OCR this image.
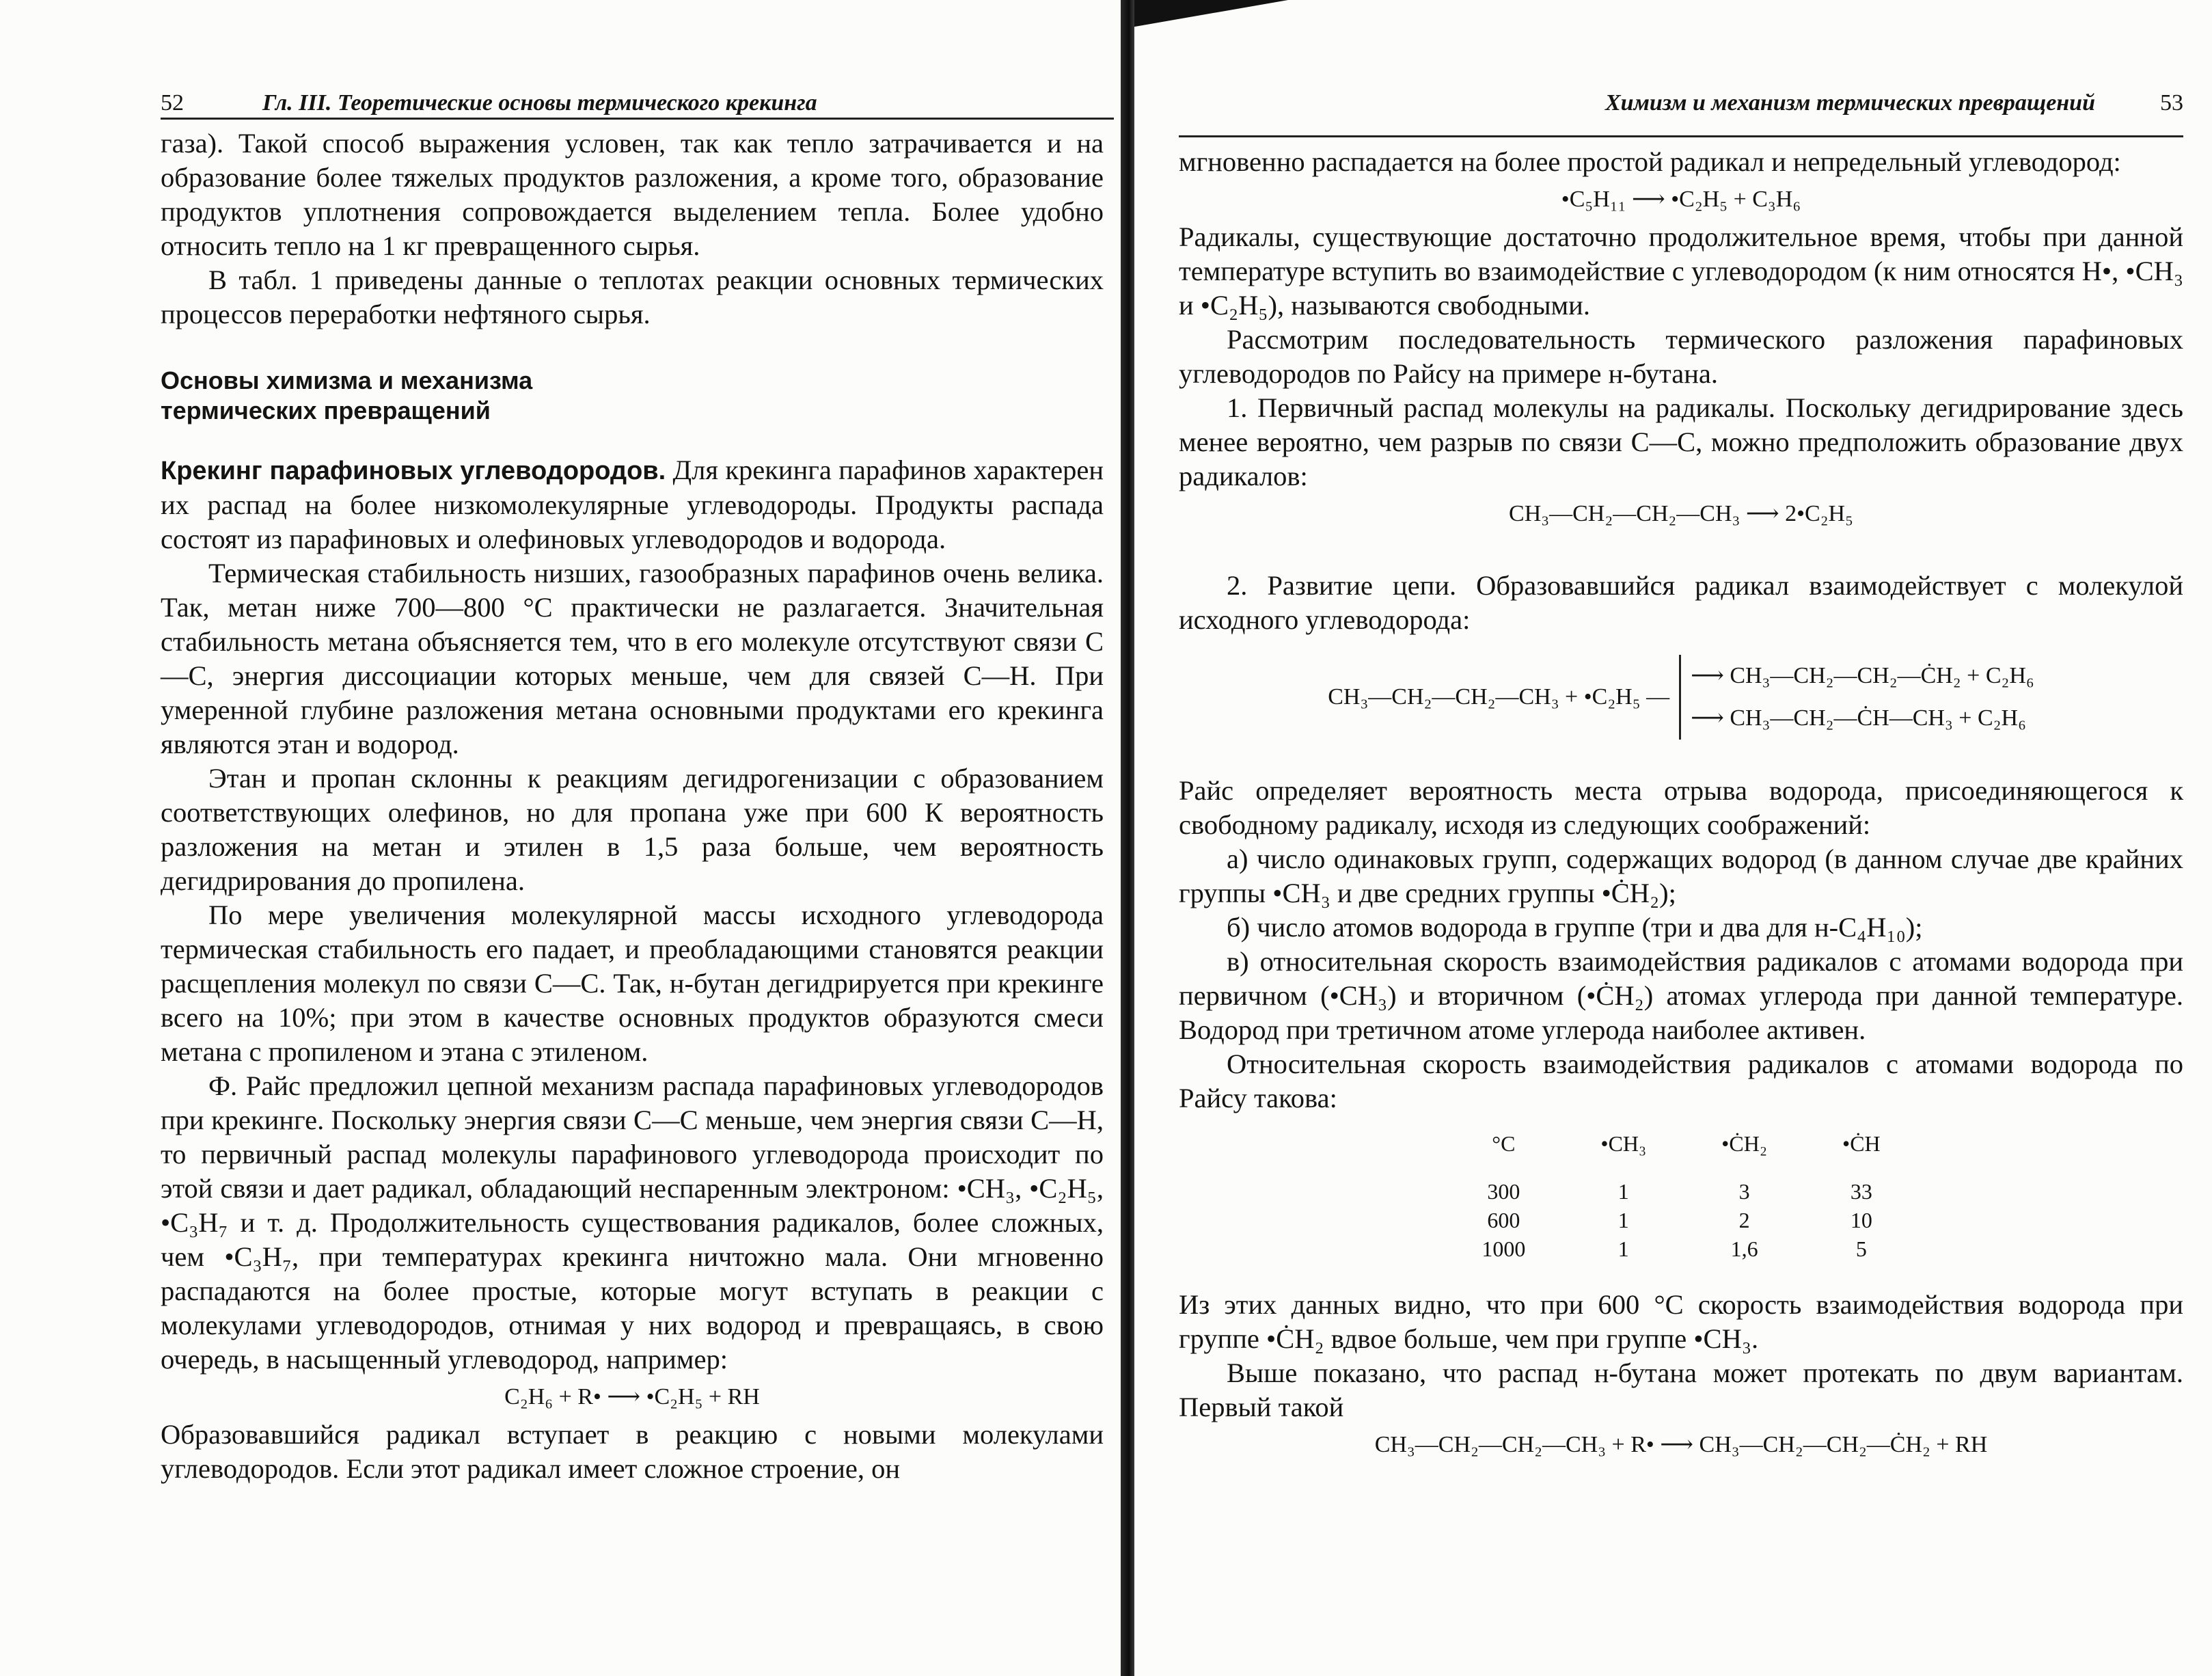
52	Гл. III. Теоретические основы термического крекинга

газа). Такой способ выражения условен, так как тепло затрачивается и на образование более тяжелых продуктов разложения, а кроме того, образование продуктов уплотнения сопровождается выделением тепла. Более удобно относить тепло на 1 кг превращенного сырья.

В табл. 1 приведены данные о теплотах реакции основных термических процессов переработки нефтяного сырья.

Основы химизма и механизма
термических превращений

Крекинг парафиновых углеводородов. Для крекинга парафинов характерен их распад на более низкомолекулярные углеводороды. Продукты распада состоят из парафиновых и олефиновых углеводородов и водорода.

Термическая стабильность низших, газообразных парафинов очень велика. Так, метан ниже 700—800 °С практически не разлагается. Значительная стабильность метана объясняется тем, что в его молекуле отсутствуют связи С—С, энергия диссоциации которых меньше, чем для связей С—Н. При умеренной глубине разложения метана основными продуктами его крекинга являются этан и водород.

Этан и пропан склонны к реакциям дегидрогенизации с образованием соответствующих олефинов, но для пропана уже при 600 К вероятность разложения на метан и этилен в 1,5 раза больше, чем вероятность дегидрирования до пропилена.

По мере увеличения молекулярной массы исходного углеводорода термическая стабильность его падает, и преобладающими становятся реакции расщепления молекул по связи С—С. Так, н-бутан дегидрируется при крекинге всего на 10%; при этом в качестве основных продуктов образуются смеси метана с пропиленом и этана с этиленом.

Ф. Райс предложил цепной механизм распада парафиновых углеводородов при крекинге. Поскольку энергия связи С—С меньше, чем энергия связи С—Н, то первичный распад молекулы парафинового углеводорода происходит по этой связи и дает радикал, обладающий неспаренным электроном: •CH₃, •C₂H₅, •C₃H₇ и т. д. Продолжительность существования радикалов, более сложных, чем •C₃H₇, при температурах крекинга ничтожно мала. Они мгновенно распадаются на более простые, которые могут вступать в реакции с молекулами углеводородов, отнимая у них водород и превращаясь, в свою очередь, в насыщенный углеводород, например:

C₂H₆ + R• ⟶ •C₂H₅ + RH

Образовавшийся радикал вступает в реакцию с новыми молекулами углеводородов. Если этот радикал имеет сложное строение, он

Химизм и механизм термических превращений	53

мгновенно распадается на более простой радикал и непредельный углеводород:

•C₅H₁₁ ⟶ •C₂H₅ + C₃H₆

Радикалы, существующие достаточно продолжительное время, чтобы при данной температуре вступить во взаимодействие с углеводородом (к ним относятся Н•, •CH₃ и •C₂H₅), называются свободными.

Рассмотрим последовательность термического разложения парафиновых углеводородов по Райсу на примере н-бутана.

1. Первичный распад молекулы на радикалы. Поскольку дегидрирование здесь менее вероятно, чем разрыв по связи С—С, можно предположить образование двух радикалов:

CH₃—CH₂—CH₂—CH₃ ⟶ 2•C₂H₅

2. Развитие цепи. Образовавшийся радикал взаимодействует с молекулой исходного углеводорода:

CH₃—CH₂—CH₂—CH₃ + •C₂H₅ —
⟶ CH₃—CH₂—CH₂—ĊH₂ + C₂H₆
⟶ CH₃—CH₂—ĊH—CH₃ + C₂H₆

Райс определяет вероятность места отрыва водорода, присоединяющегося к свободному радикалу, исходя из следующих соображений:

а) число одинаковых групп, содержащих водород (в данном случае две крайних группы •CH₃ и две средних группы •ĊH₂);

б) число атомов водорода в группе (три и два для н-C₄H₁₀);

в) относительная скорость взаимодействия радикалов с атомами водорода при первичном (•CH₃) и вторичном (•ĊH₂) атомах углерода при данной температуре. Водород при третичном атоме углерода наиболее активен.

Относительная скорость взаимодействия радикалов с атомами водорода по Райсу такова:

°C	•CH₃	•ĊH₂	•ĊH
300	1	3	33
600	1	2	10
1000	1	1,6	5

Из этих данных видно, что при 600 °С скорость взаимодействия водорода при группе •ĊH₂ вдвое больше, чем при группе •CH₃.

Выше показано, что распад н-бутана может протекать по двум вариантам. Первый такой

CH₃—CH₂—CH₂—CH₃ + R• ⟶ CH₃—CH₂—CH₂—ĊH₂ + RH
